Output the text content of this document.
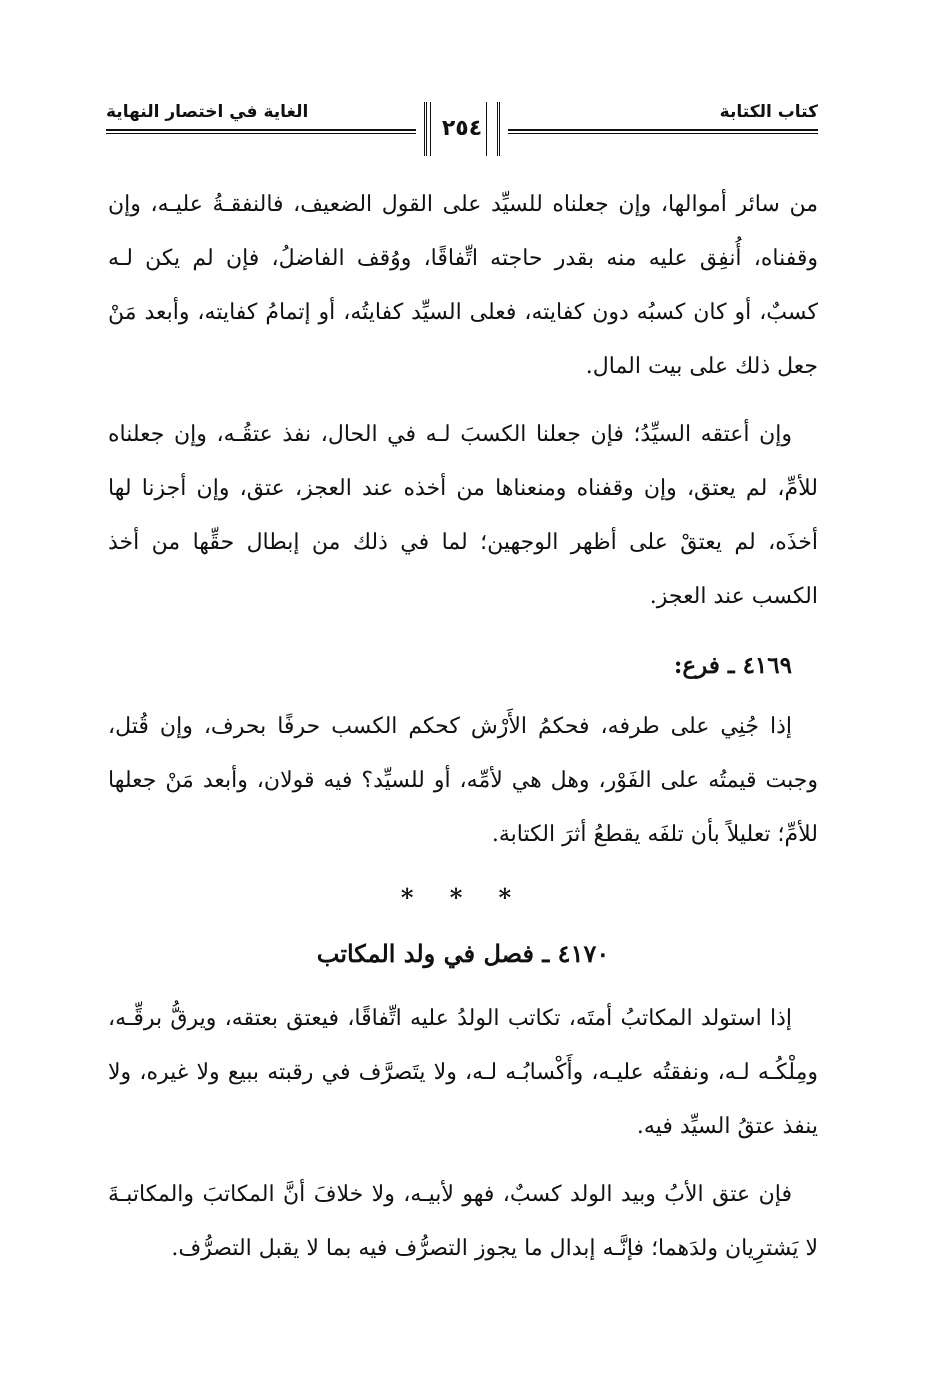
الغاية في اختصار النهاية
٢٥٤
كتاب الكتابة

من سائر أموالها، وإن جعلناه للسيِّد على القول الضعيف، فالنفقـةُ عليـه، وإن وقفناه، أُنفِق عليه منه بقدر حاجته اتِّفاقًا، ووُقف الفاضلُ، فإن لم يكن لـه كسبٌ، أو كان كسبُه دون كفايته، فعلى السيِّد كفايتُه، أو إتمامُ كفايته، وأبعد مَنْ جعل ذلك على بيت المال.

وإن أعتقه السيِّدُ؛ فإن جعلنا الكسبَ لـه في الحال، نفذ عتقُـه، وإن جعلناه للأمِّ، لم يعتق، وإن وقفناه ومنعناها من أخذه عند العجز، عتق، وإن أجزنا لها أخذَه، لم يعتقْ على أظهر الوجهين؛ لما في ذلك من إبطال حقِّها من أخذ الكسب عند العجز.

٤١٦٩ ـ فرع:

إذا جُنِي على طرفه، فحكمُ الأَرْش كحكم الكسب حرفًا بحرف، وإن قُتل، وجبت قيمتُه على الفَوْر، وهل هي لأمِّه، أو للسيِّد؟ فيه قولان، وأبعد مَنْ جعلها للأمِّ؛ تعليلاً بأن تلفَه يقطعُ أثرَ الكتابة.

* * *
٤١٧٠ ـ فصل في ولد المكاتب

إذا استولد المكاتبُ أمتَه، تكاتب الولدُ عليه اتِّفاقًا، فيعتق بعتقه، ويرقُّ برقِّـه، ومِلْكُـه لـه، ونفقتُه عليـه، وأَكْسابُـه لـه، ولا يتَصرَّف في رقبته ببيع ولا غيره، ولا ينفذ عتقُ السيِّد فيه.

فإن عتق الأبُ وبيد الولد كسبٌ، فهو لأبيـه، ولا خلافَ أنَّ المكاتبَ والمكاتبـةَ لا يَشترِيان ولدَهما؛ فإنَّـه إبدال ما يجوز التصرُّف فيه بما لا يقبل التصرُّف.
